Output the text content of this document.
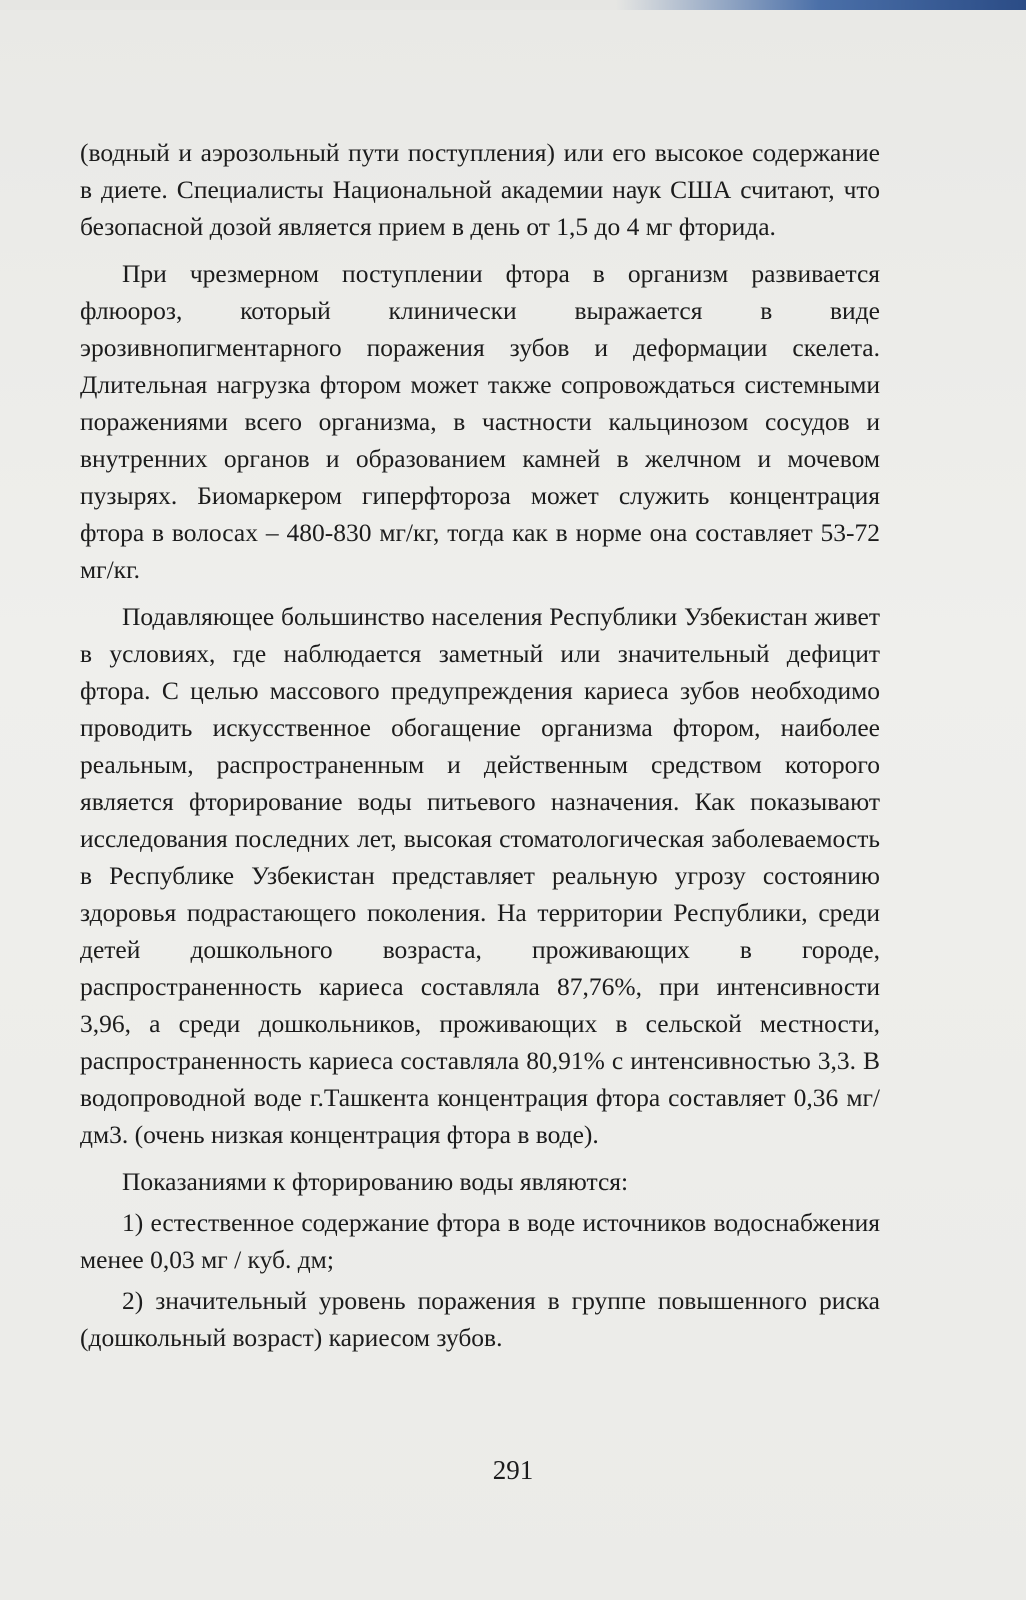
(водный и аэрозольный пути поступления) или его высокое содержание в диете. Специалисты Национальной академии наук США считают, что безопасной дозой является прием в день от 1,5 до 4 мг фторида.

При чрезмерном поступлении фтора в организм развивается флюороз, который клинически выражается в виде эрозивнопигментарного поражения зубов и деформации скелета. Длительная нагрузка фтором может также сопровождаться системными поражениями всего организма, в частности кальцинозом сосудов и внутренних органов и образованием камней в желчном и мочевом пузырях. Биомаркером гиперфтороза может служить концентрация фтора в волосах – 480-830 мг/кг, тогда как в норме она составляет 53-72 мг/кг.

Подавляющее большинство населения Республики Узбекистан живет в условиях, где наблюдается заметный или значительный дефицит фтора. С целью массового предупреждения кариеса зубов необходимо проводить искусственное обогащение организма фтором, наиболее реальным, распространенным и действенным средством которого является фторирование воды питьевого назначения. Как показывают исследования последних лет, высокая стоматологическая заболеваемость в Республике Узбекистан представляет реальную угрозу состоянию здоровья подрастающего поколения. На территории Республики, среди детей дошкольного возраста, проживающих в городе, распространенность кариеса составляла 87,76%, при интенсивности 3,96, а среди дошкольников, проживающих в сельской местности, распространенность кариеса составляла 80,91% с интенсивностью 3,3. В водопроводной воде г.Ташкента концентрация фтора составляет 0,36 мг/дм3. (очень низкая концентрация фтора в воде).

Показаниями к фторированию воды являются:

1) естественное содержание фтора в воде источников водоснабжения менее 0,03 мг / куб. дм;

2) значительный уровень поражения в группе повышенного риска (дошкольный возраст) кариесом зубов.

291
